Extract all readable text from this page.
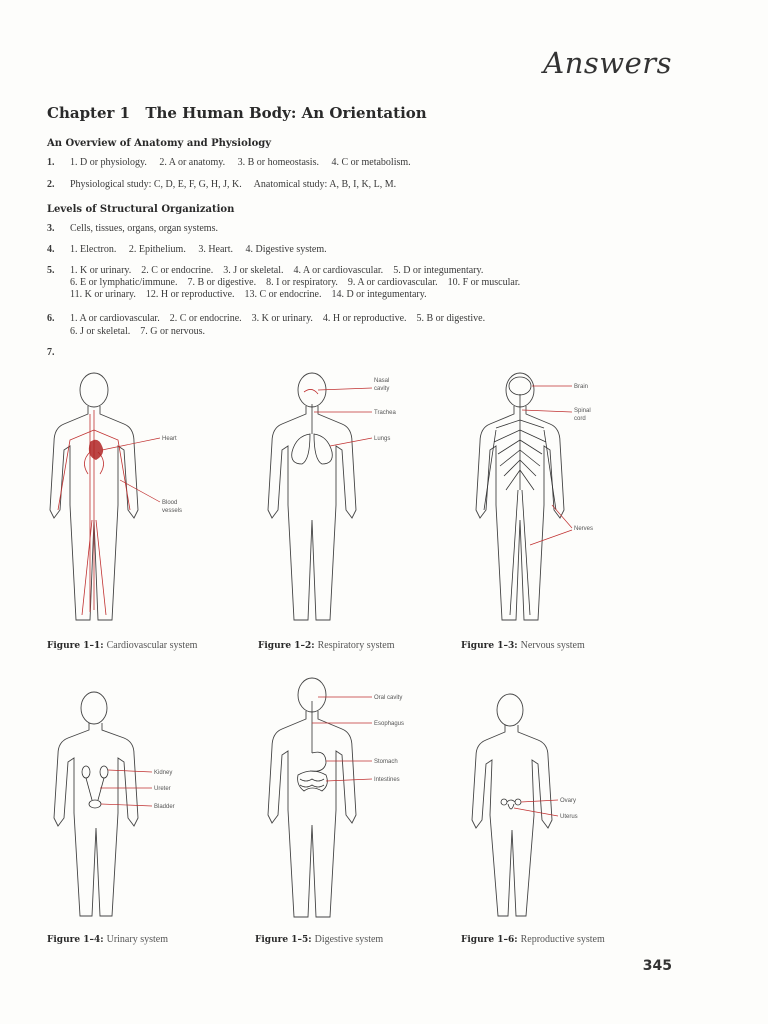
Answers
Chapter 1 The Human Body: An Orientation
An Overview of Anatomy and Physiology
1. 1. D or physiology. 2. A or anatomy. 3. B or homeostasis. 4. C or metabolism.
2. Physiological study: C, D, E, F, G, H, J, K. Anatomical study: A, B, I, K, L, M.
Levels of Structural Organization
3. Cells, tissues, organs, organ systems.
4. 1. Electron. 2. Epithelium. 3. Heart. 4. Digestive system.
5. 1. K or urinary. 2. C or endocrine. 3. J or skeletal. 4. A or cardiovascular. 5. D or integumentary.
6. E or lymphatic/immune. 7. B or digestive. 8. I or respiratory. 9. A or cardiovascular. 10. F or muscular.
11. K or urinary. 12. H or reproductive. 13. C or endocrine. 14. D or integumentary.
6. 1. A or cardiovascular. 2. C or endocrine. 3. K or urinary. 4. H or reproductive. 5. B or digestive.
6. J or skeletal. 7. G or nervous.
7.
Heart
Blood
vessels
Nasal
cavity
Trachea
Lungs
Brain
Spinal
cord
Nerves
Kidney
Ureter
Bladder
Oral cavity
Esophagus
Stomach
Intestines
Ovary
Uterus
Figure 1–1: Cardiovascular system	Figure 1–2: Respiratory system	Figure 1–3: Nervous system
Figure 1–4: Urinary system	Figure 1–5: Digestive system	Figure 1–6: Reproductive system
345
